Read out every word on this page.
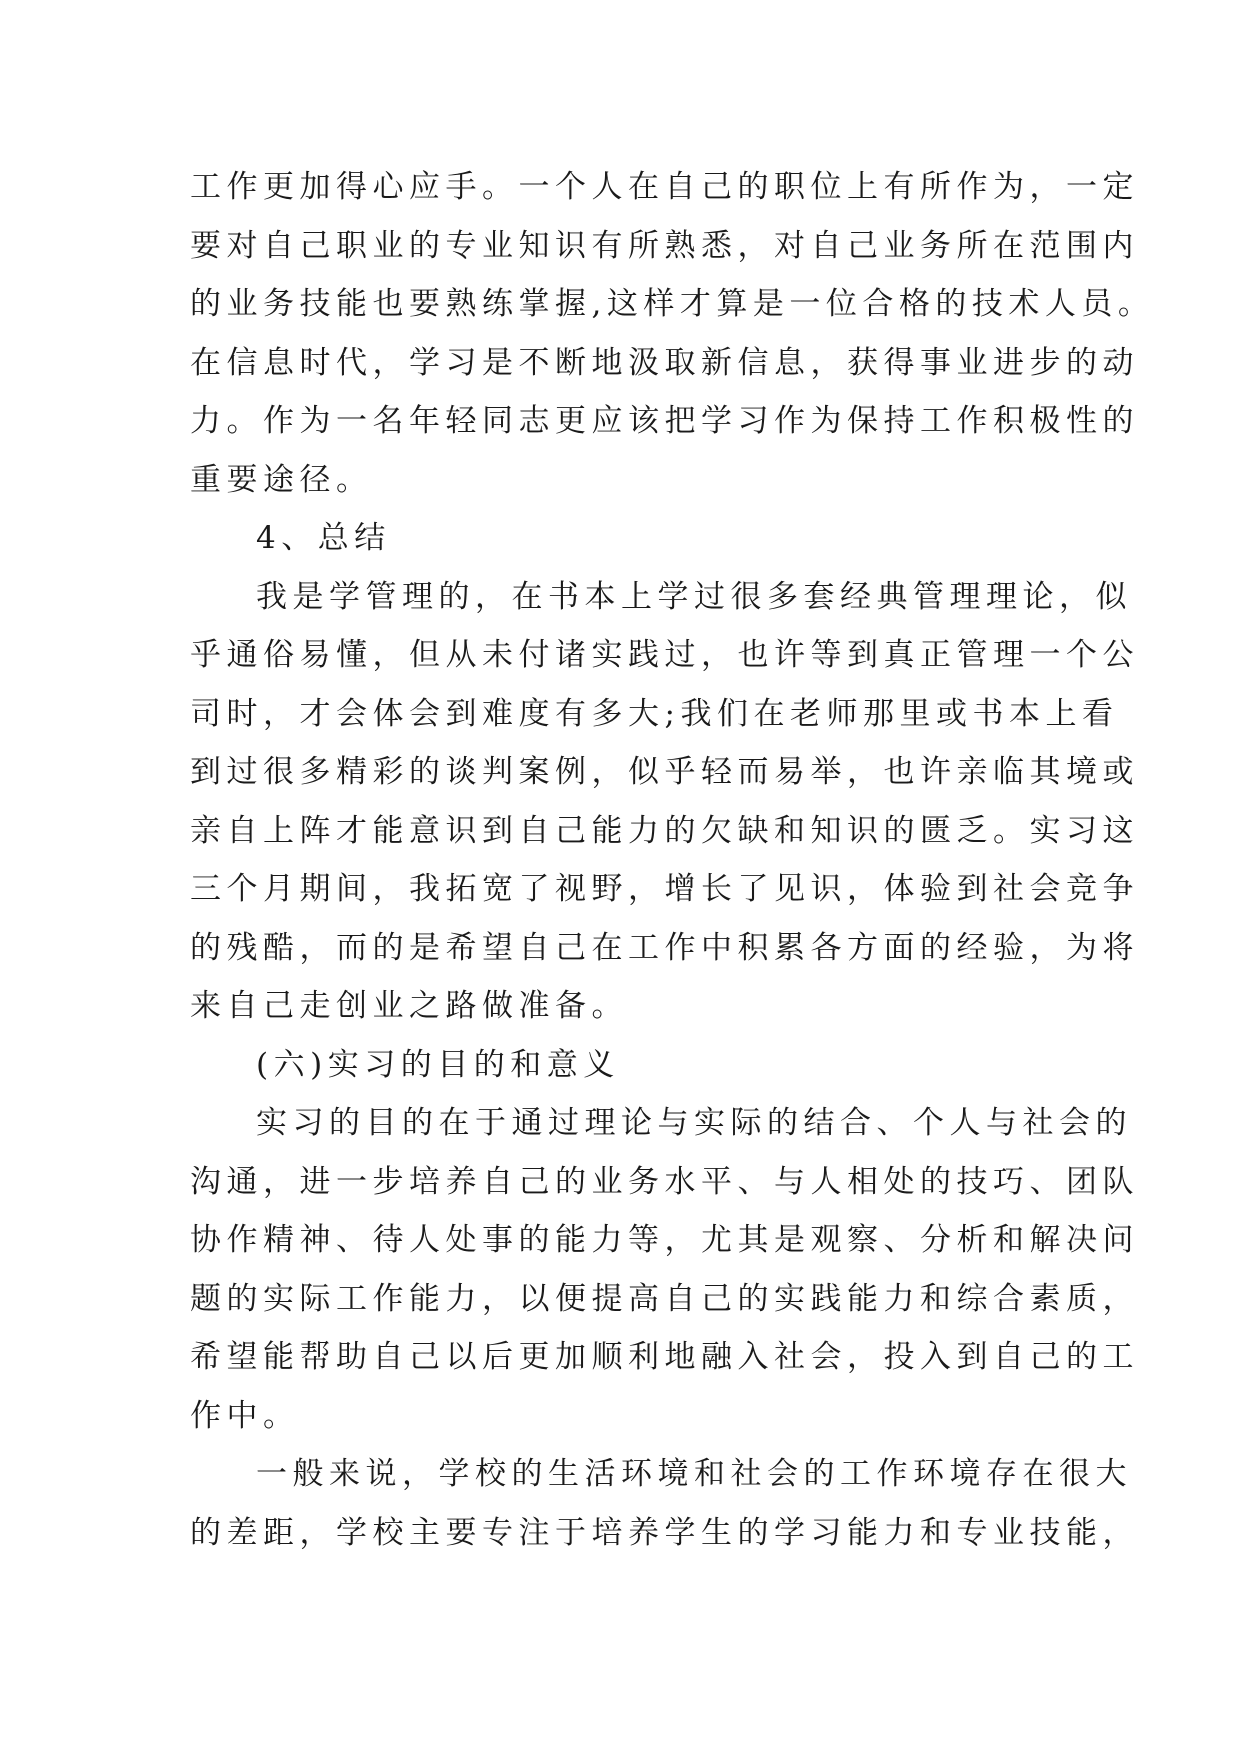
工作更加得心应手。一个人在自己的职位上有所作为，一定
要对自己职业的专业知识有所熟悉，对自己业务所在范围内
的业务技能也要熟练掌握,这样才算是一位合格的技术人员。
在信息时代，学习是不断地汲取新信息，获得事业进步的动
力。作为一名年轻同志更应该把学习作为保持工作积极性的
重要途径。
4、总结
我是学管理的，在书本上学过很多套经典管理理论，似
乎通俗易懂，但从未付诸实践过，也许等到真正管理一个公
司时，才会体会到难度有多大;我们在老师那里或书本上看
到过很多精彩的谈判案例，似乎轻而易举，也许亲临其境或
亲自上阵才能意识到自己能力的欠缺和知识的匮乏。实习这
三个月期间，我拓宽了视野，增长了见识，体验到社会竞争
的残酷，而的是希望自己在工作中积累各方面的经验，为将
来自己走创业之路做准备。
(六)实习的目的和意义
实习的目的在于通过理论与实际的结合、个人与社会的
沟通，进一步培养自己的业务水平、与人相处的技巧、团队
协作精神、待人处事的能力等，尤其是观察、分析和解决问
题的实际工作能力，以便提高自己的实践能力和综合素质，
希望能帮助自己以后更加顺利地融入社会，投入到自己的工
作中。
一般来说，学校的生活环境和社会的工作环境存在很大
的差距，学校主要专注于培养学生的学习能力和专业技能，
